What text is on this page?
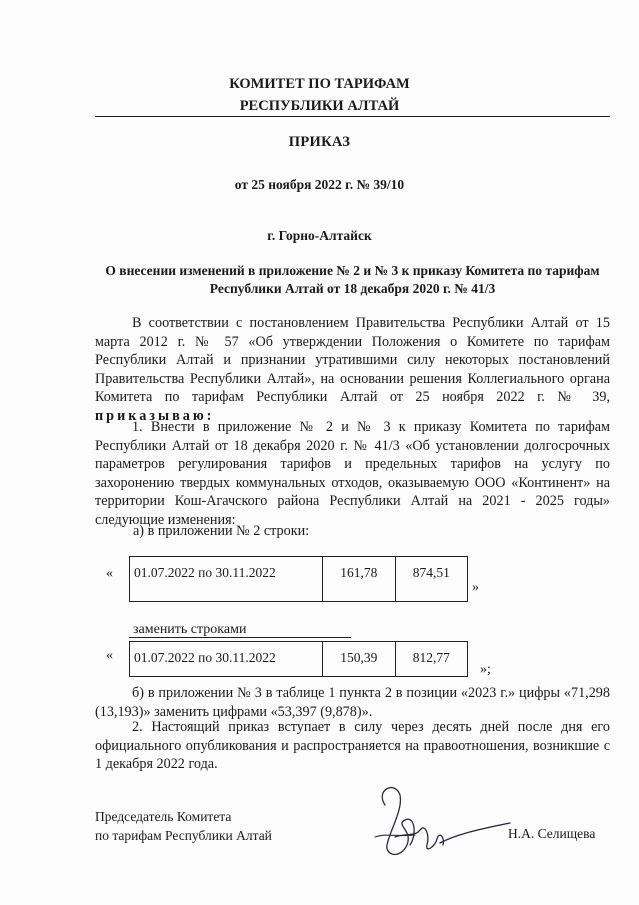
КОМИТЕТ ПО ТАРИФАМ
РЕСПУБЛИКИ АЛТАЙ
ПРИКАЗ
от 25 ноября 2022 г. № 39/10
г. Горно-Алтайск
О внесении изменений в приложение № 2 и № 3 к приказу Комитета по тарифам Республики Алтай от 18 декабря 2020 г. № 41/3
В соответствии с постановлением Правительства Республики Алтай от 15 марта 2012 г. № 57 «Об утверждении Положения о Комитете по тарифам Республики Алтай и признании утратившими силу некоторых постановлений Правительства Республики Алтай», на основании решения Коллегиального органа Комитета по тарифам Республики Алтай от 25 ноября 2022 г. № 39, приказываю:
1. Внести в приложение № 2 и № 3 к приказу Комитета по тарифам Республики Алтай от 18 декабря 2020 г. № 41/3 «Об установлении долгосрочных параметров регулирования тарифов и предельных тарифов на услугу по захоронению твердых коммунальных отходов, оказываемую ООО «Континент» на территории Кош-Агачского района Республики Алтай на 2021 - 2025 годы» следующие изменения:
а) в приложении № 2 строки:
« 01.07.2022 по 30.11.2022	161,78	874,51
»
заменить строками
« 01.07.2022 по 30.11.2022	150,39	812,77
»;
б) в приложении № 3 в таблице 1 пункта 2 в позиции «2023 г.» цифры «71,298 (13,193)» заменить цифрами «53,397 (9,878)».
2. Настоящий приказ вступает в силу через десять дней после дня его официального опубликования и распространяется на правоотношения, возникшие с 1 декабря 2022 года.
Председатель Комитета
по тарифам Республики Алтай	Н.А. Селищева
